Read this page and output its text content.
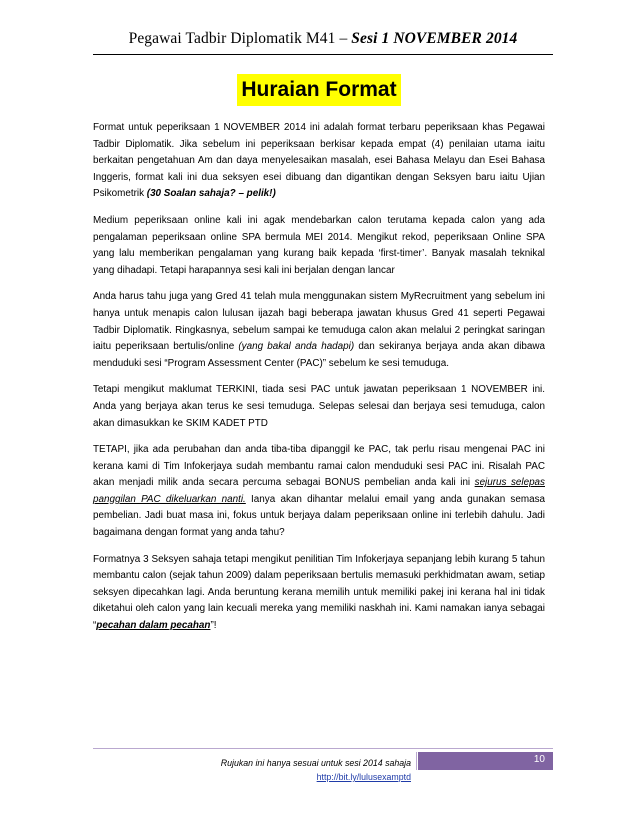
Pegawai Tadbir Diplomatik M41 – Sesi 1 NOVEMBER 2014
Huraian Format

Format untuk peperiksaan 1 NOVEMBER 2014 ini adalah format terbaru peperiksaan khas Pegawai Tadbir Diplomatik. Jika sebelum ini peperiksaan berkisar kepada empat (4) penilaian utama iaitu berkaitan pengetahuan Am dan daya menyelesaikan masalah, esei Bahasa Melayu dan Esei Bahasa Inggeris, format kali ini dua seksyen esei dibuang dan digantikan dengan Seksyen baru iaitu Ujian Psikometrik (30 Soalan sahaja? – pelik!)

Medium peperiksaan online kali ini agak mendebarkan calon terutama kepada calon yang ada pengalaman peperiksaan online SPA bermula MEI 2014. Mengikut rekod, peperiksaan Online SPA yang lalu memberikan pengalaman yang kurang baik kepada ‘first-timer’. Banyak masalah teknikal yang dihadapi. Tetapi harapannya sesi kali ini berjalan dengan lancar

Anda harus tahu juga yang Gred 41 telah mula menggunakan sistem MyRecruitment yang sebelum ini hanya untuk menapis calon lulusan ijazah bagi beberapa jawatan khusus Gred 41 seperti Pegawai Tadbir Diplomatik. Ringkasnya, sebelum sampai ke temuduga calon akan melalui 2 peringkat saringan iaitu peperiksaan bertulis/online (yang bakal anda hadapi) dan sekiranya berjaya anda akan dibawa menduduki sesi “Program Assessment Center (PAC)” sebelum ke sesi temuduga.

Tetapi mengikut maklumat TERKINI, tiada sesi PAC untuk jawatan peperiksaan 1 NOVEMBER ini. Anda yang berjaya akan terus ke sesi temuduga. Selepas selesai dan berjaya sesi temuduga, calon akan dimasukkan ke SKIM KADET PTD

TETAPI, jika ada perubahan dan anda tiba-tiba dipanggil ke PAC, tak perlu risau mengenai PAC ini kerana kami di Tim Infokerjaya sudah membantu ramai calon menduduki sesi PAC ini. Risalah PAC akan menjadi milik anda secara percuma sebagai BONUS pembelian anda kali ini sejurus selepas panggilan PAC dikeluarkan nanti. Ianya akan dihantar melalui email yang anda gunakan semasa pembelian. Jadi buat masa ini, fokus untuk berjaya dalam peperiksaan online ini terlebih dahulu. Jadi bagaimana dengan format yang anda tahu?

Formatnya 3 Seksyen sahaja tetapi mengikut penilitian Tim Infokerjaya sepanjang lebih kurang 5 tahun membantu calon (sejak tahun 2009) dalam peperiksaan bertulis memasuki perkhidmatan awam, setiap seksyen dipecahkan lagi. Anda beruntung kerana memilih untuk memiliki pakej ini kerana hal ini tidak diketahui oleh calon yang lain kecuali mereka yang memiliki naskhah ini. Kami namakan ianya sebagai “pecahan dalam pecahan”!

Rujukan ini hanya sesuai untuk sesi 2014 sahaja
http://bit.ly/lulusexamptd
10
